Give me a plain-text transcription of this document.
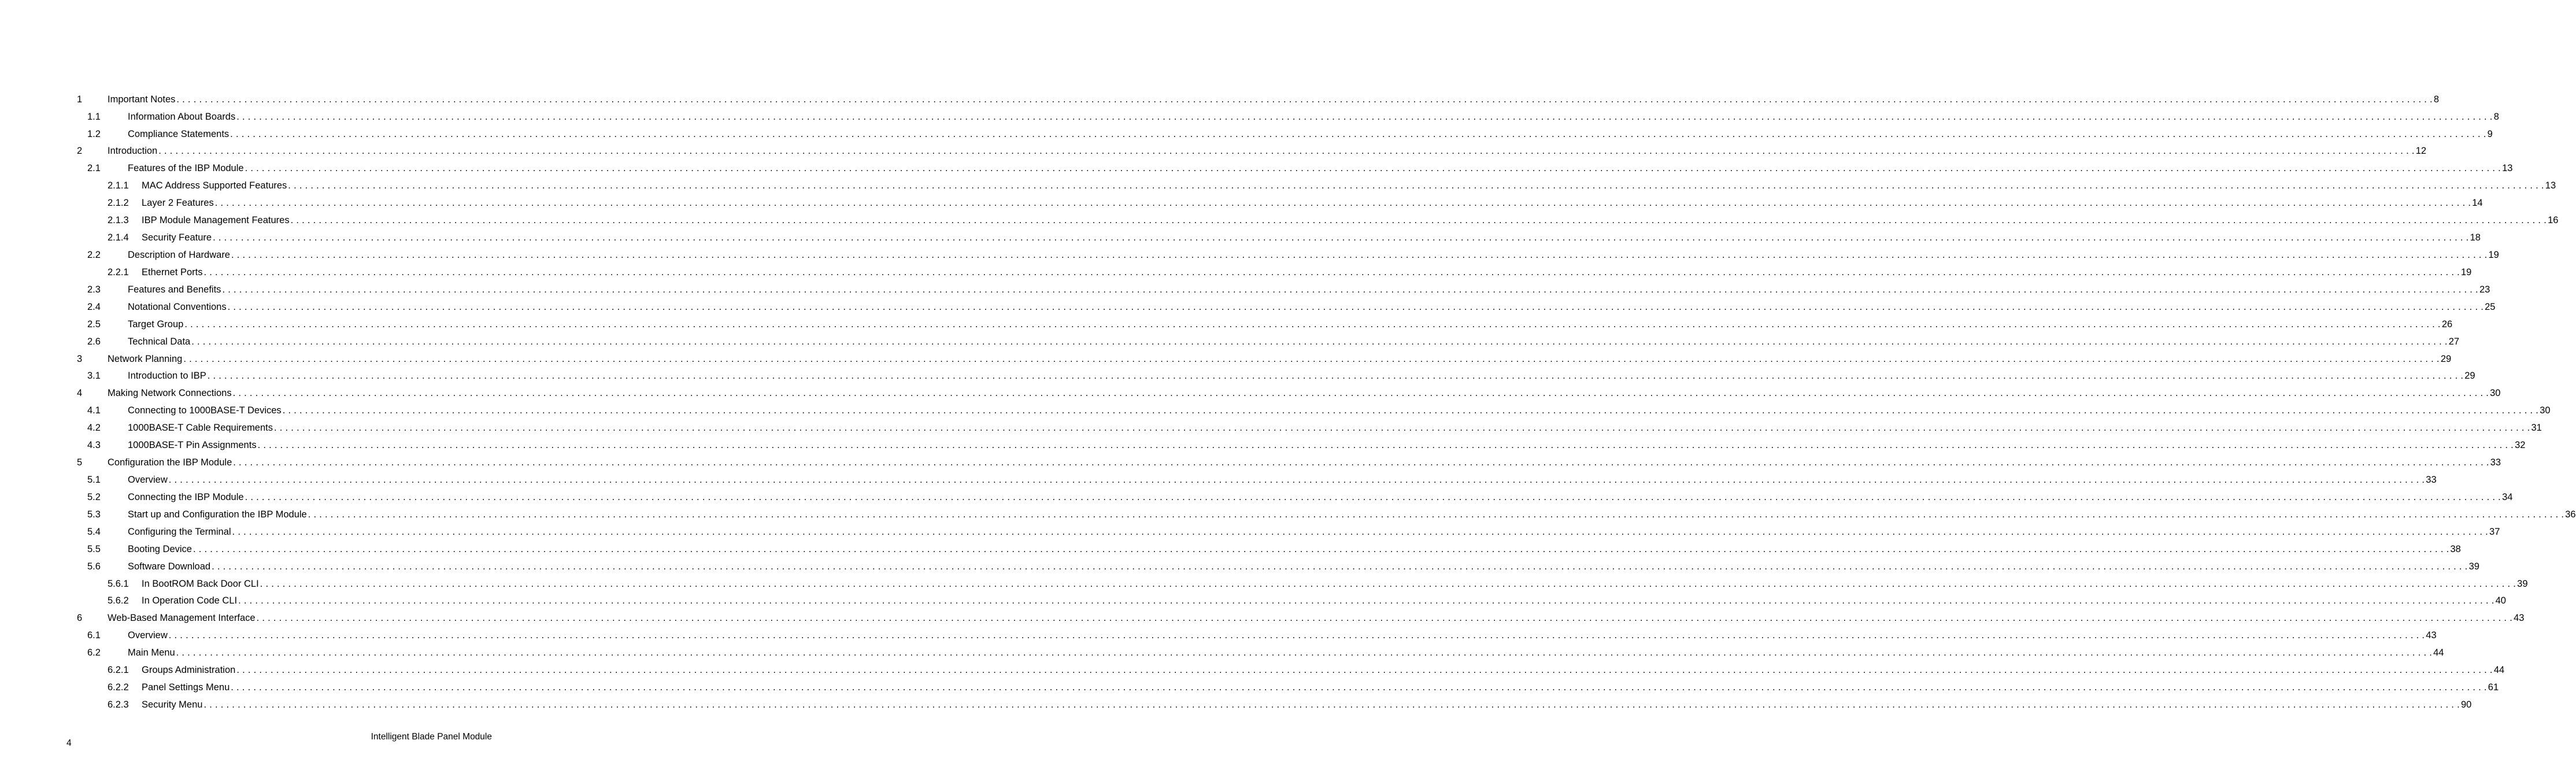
1	Important Notes . . . . . . . . . . . . . . . . . . . . . . . . . . . . . . . . . . . . . . . . . . . . . . . . . . . . . . . . . . . . . . . . . . . . . . . . . . . . . . . . . . . . . . . . . . . . . . . . . . . . . . . . . . . . . . . . . . . . . . . . . . . . . . . . . . . . . . . . . . . . . . . . . . . . . . . . . . . . . . . . . . . . . . . . . . . . . . . . . . . . . . . . . . . . . . . . . . . . . . . . . . . . . . . . . . . . . . . . . . . . . . . . . . . . . . . . . . . . . . . . . . . . . . . . . . . . . . . . . . . . . . . . . . . . . . . . . . . . . . . . . . . . . . . . . . . . . . . . . . . . . . . . . . . . . . . . . . . . . . . . . . . . . . . . . . . . . . . . . . . . . . . . . . . . . . . . . . . . . . . . . . . . . . . . . . . . . . . . . . . . . . . . . . . . . . . . . . . . . . . . 8
1.1	Information About Boards . . . . . . . . . . . . . . . . . . . . . . . . . . . . . . . . . . . . . . . . . . . . . . . . . . . . . . . . . . . . . . . . . . . . . . . . . . . . . . . . . . . . . . . . . . . . . . . . . . . . . . . . . . . . . . . . . . . . . . . . . . . . . . . . . . . . . . . . . . . . . . . . . . . . . . . . . . . . . . . . . . . . . . . . . . . . . . . . . . . . . . . . . . . . . . . . . . . . . . . . . . . . . . . . . . . . . . . . . . . . . . . . . . . . . . . . . . . . . . . . . . . . . . . . . . . . . . . . . . . . . . . . . . . . . . . . . . . . . . . . . . . . . . . . . . . . . . . . . . . . . . . . . . . . . . . . . . . . . . . . . . . . . . . . . . . . . . . . . . . . . . . . . . . . . . . . . . . . . . . . . . . . . . . . . . . . . . . . . . . . . . . . . . . . . . . . . . . . . . . . 8
1.2	Compliance Statements . . . . . . . . . . . . . . . . . . . . . . . . . . . . . . . . . . . . . . . . . . . . . . . . . . . . . . . . . . . . . . . . . . . . . . . . . . . . . . . . . . . . . . . . . . . . . . . . . . . . . . . . . . . . . . . . . . . . . . . . . . . . . . . . . . . . . . . . . . . . . . . . . . . . . . . . . . . . . . . . . . . . . . . . . . . . . . . . . . . . . . . . . . . . . . . . . . . . . . . . . . . . . . . . . . . . . . . . . . . . . . . . . . . . . . . . . . . . . . . . . . . . . . . . . . . . . . . . . . . . . . . . . . . . . . . . . . . . . . . . . . . . . . . . . . . . . . . . . . . . . . . . . . . . . . . . . . . . . . . . . . . . . . . . . . . . . . . . . . . . . . . . . . . . . . . . . . . . . . . . . . . . . . . . . . . . . . . . . . . . . . . . . . . . . . . . . . . . . . . . 9
2	Introduction . . . . . . . . . . . . . . . . . . . . . . . . . . . . . . . . . . . . . . . . . . . . . . . . . . . . . . . . . . . . . . . . . . . . . . . . . . . . . . . . . . . . . . . . . . . . . . . . . . . . . . . . . . . . . . . . . . . . . . . . . . . . . . . . . . . . . . . . . . . . . . . . . . . . . . . . . . . . . . . . . . . . . . . . . . . . . . . . . . . . . . . . . . . . . . . . . . . . . . . . . . . . . . . . . . . . . . . . . . . . . . . . . . . . . . . . . . . . . . . . . . . . . . . . . . . . . . . . . . . . . . . . . . . . . . . . . . . . . . . . . . . . . . . . . . . . . . . . . . . . . . . . . . . . . . . . . . . . . . . . . . . . . . . . . . . . . . . . . . . . . . . . . . . . . . . . . . . . . . . . . . . . . . . . . . . . . . . . . . . . . . . . . . . . . . . . . . . . . . . . 12
2.1	Features of the IBP Module . . . . . . . . . . . . . . . . . . . . . . . . . . . . . . . . . . . . . . . . . . . . . . . . . . . . . . . . . . . . . . . . . . . . . . . . . . . . . . . . . . . . . . . . . . . . . . . . . . . . . . . . . . . . . . . . . . . . . . . . . . . . . . . . . . . . . . . . . . . . . . . . . . . . . . . . . . . . . . . . . . . . . . . . . . . . . . . . . . . . . . . . . . . . . . . . . . . . . . . . . . . . . . . . . . . . . . . . . . . . . . . . . . . . . . . . . . . . . . . . . . . . . . . . . . . . . . . . . . . . . . . . . . . . . . . . . . . . . . . . . . . . . . . . . . . . . . . . . . . . . . . . . . . . . . . . . . . . . . . . . . . . . . . . . . . . . . . . . . . . . . . . . . . . . . . . . . . . . . . . . . . . . . . . . . . . . . . . . . . . . . . . . . . . . . . . . . . . . . . . 13
2.1.1 MAC Address Supported Features . . . . . . . . . . . . . . . . . . . . . . . . . . . . . . . . . . . . . . . . . . . . . . . . . . . . . . . . . . . . . . . . . . . . . . . . . . . . . . . . . . . . . . . . . . . . . . . . . . . . . . . . . . . . . . . . . . . . . . . . . . . . . . . . . . . . . . . . . . . . . . . . . . . . . . . . . . . . . . . . . . . . . . . . . . . . . . . . . . . . . . . . . . . . . . . . . . . . . . . . . . . . . . . . . . . . . . . . . . . . . . . . . . . . . . . . . . . . . . . . . . . . . . . . . . . . . . . . . . . . . . . . . . . . . . . . . . . . . . . . . . . . . . . . . . . . . . . . . . . . . . . . . . . . . . . . . . . . . . . . . . . . . . . . . . . . . . . . . . . . . . . . . . . . . . . . . . . . . . . . . . . . . . . . . . . . . . . . . . . . . . . . . . . . . . . . . . . . . . . . 13
2.1.2 Layer 2 Features . . . . . . . . . . . . . . . . . . . . . . . . . . . . . . . . . . . . . . . . . . . . . . . . . . . . . . . . . . . . . . . . . . . . . . . . . . . . . . . . . . . . . . . . . . . . . . . . . . . . . . . . . . . . . . . . . . . . . . . . . . . . . . . . . . . . . . . . . . . . . . . . . . . . . . . . . . . . . . . . . . . . . . . . . . . . . . . . . . . . . . . . . . . . . . . . . . . . . . . . . . . . . . . . . . . . . . . . . . . . . . . . . . . . . . . . . . . . . . . . . . . . . . . . . . . . . . . . . . . . . . . . . . . . . . . . . . . . . . . . . . . . . . . . . . . . . . . . . . . . . . . . . . . . . . . . . . . . . . . . . . . . . . . . . . . . . . . . . . . . . . . . . . . . . . . . . . . . . . . . . . . . . . . . . . . . . . . . . . . . . . . . . . . . . . . . . . . . . . . . 14
2.1.3 IBP Module Management Features . . . . . . . . . . . . . . . . . . . . . . . . . . . . . . . . . . . . . . . . . . . . . . . . . . . . . . . . . . . . . . . . . . . . . . . . . . . . . . . . . . . . . . . . . . . . . . . . . . . . . . . . . . . . . . . . . . . . . . . . . . . . . . . . . . . . . . . . . . . . . . . . . . . . . . . . . . . . . . . . . . . . . . . . . . . . . . . . . . . . . . . . . . . . . . . . . . . . . . . . . . . . . . . . . . . . . . . . . . . . . . . . . . . . . . . . . . . . . . . . . . . . . . . . . . . . . . . . . . . . . . . . . . . . . . . . . . . . . . . . . . . . . . . . . . . . . . . . . . . . . . . . . . . . . . . . . . . . . . . . . . . . . . . . . . . . . . . . . . . . . . . . . . . . . . . . . . . . . . . . . . . . . . . . . . . . . . . . . . . . . . . . . . . . . . . . . . . . . . . . 16
2.1.4 Security Feature . . . . . . . . . . . . . . . . . . . . . . . . . . . . . . . . . . . . . . . . . . . . . . . . . . . . . . . . . . . . . . . . . . . . . . . . . . . . . . . . . . . . . . . . . . . . . . . . . . . . . . . . . . . . . . . . . . . . . . . . . . . . . . . . . . . . . . . . . . . . . . . . . . . . . . . . . . . . . . . . . . . . . . . . . . . . . . . . . . . . . . . . . . . . . . . . . . . . . . . . . . . . . . . . . . . . . . . . . . . . . . . . . . . . . . . . . . . . . . . . . . . . . . . . . . . . . . . . . . . . . . . . . . . . . . . . . . . . . . . . . . . . . . . . . . . . . . . . . . . . . . . . . . . . . . . . . . . . . . . . . . . . . . . . . . . . . . . . . . . . . . . . . . . . . . . . . . . . . . . . . . . . . . . . . . . . . . . . . . . . . . . . . . . . . . . . . . . . . . . . 18
2.2	Description of Hardware . . . . . . . . . . . . . . . . . . . . . . . . . . . . . . . . . . . . . . . . . . . . . . . . . . . . . . . . . . . . . . . . . . . . . . . . . . . . . . . . . . . . . . . . . . . . . . . . . . . . . . . . . . . . . . . . . . . . . . . . . . . . . . . . . . . . . . . . . . . . . . . . . . . . . . . . . . . . . . . . . . . . . . . . . . . . . . . . . . . . . . . . . . . . . . . . . . . . . . . . . . . . . . . . . . . . . . . . . . . . . . . . . . . . . . . . . . . . . . . . . . . . . . . . . . . . . . . . . . . . . . . . . . . . . . . . . . . . . . . . . . . . . . . . . . . . . . . . . . . . . . . . . . . . . . . . . . . . . . . . . . . . . . . . . . . . . . . . . . . . . . . . . . . . . . . . . . . . . . . . . . . . . . . . . . . . . . . . . . . . . . . . . . . . . . . . . . . . . . . . 19
2.2.1 Ethernet Ports . . . . . . . . . . . . . . . . . . . . . . . . . . . . . . . . . . . . . . . . . . . . . . . . . . . . . . . . . . . . . . . . . . . . . . . . . . . . . . . . . . . . . . . . . . . . . . . . . . . . . . . . . . . . . . . . . . . . . . . . . . . . . . . . . . . . . . . . . . . . . . . . . . . . . . . . . . . . . . . . . . . . . . . . . . . . . . . . . . . . . . . . . . . . . . . . . . . . . . . . . . . . . . . . . . . . . . . . . . . . . . . . . . . . . . . . . . . . . . . . . . . . . . . . . . . . . . . . . . . . . . . . . . . . . . . . . . . . . . . . . . . . . . . . . . . . . . . . . . . . . . . . . . . . . . . . . . . . . . . . . . . . . . . . . . . . . . . . . . . . . . . . . . . . . . . . . . . . . . . . . . . . . . . . . . . . . . . . . . . . . . . . . . . . . . . . . . . . . . . . 19
2.3	Features and Benefits . . . . . . . . . . . . . . . . . . . . . . . . . . . . . . . . . . . . . . . . . . . . . . . . . . . . . . . . . . . . . . . . . . . . . . . . . . . . . . . . . . . . . . . . . . . . . . . . . . . . . . . . . . . . . . . . . . . . . . . . . . . . . . . . . . . . . . . . . . . . . . . . . . . . . . . . . . . . . . . . . . . . . . . . . . . . . . . . . . . . . . . . . . . . . . . . . . . . . . . . . . . . . . . . . . . . . . . . . . . . . . . . . . . . . . . . . . . . . . . . . . . . . . . . . . . . . . . . . . . . . . . . . . . . . . . . . . . . . . . . . . . . . . . . . . . . . . . . . . . . . . . . . . . . . . . . . . . . . . . . . . . . . . . . . . . . . . . . . . . . . . . . . . . . . . . . . . . . . . . . . . . . . . . . . . . . . . . . . . . . . . . . . . . . . . . . . . . . . . . . 23
2.4	Notational Conventions . . . . . . . . . . . . . . . . . . . . . . . . . . . . . . . . . . . . . . . . . . . . . . . . . . . . . . . . . . . . . . . . . . . . . . . . . . . . . . . . . . . . . . . . . . . . . . . . . . . . . . . . . . . . . . . . . . . . . . . . . . . . . . . . . . . . . . . . . . . . . . . . . . . . . . . . . . . . . . . . . . . . . . . . . . . . . . . . . . . . . . . . . . . . . . . . . . . . . . . . . . . . . . . . . . . . . . . . . . . . . . . . . . . . . . . . . . . . . . . . . . . . . . . . . . . . . . . . . . . . . . . . . . . . . . . . . . . . . . . . . . . . . . . . . . . . . . . . . . . . . . . . . . . . . . . . . . . . . . . . . . . . . . . . . . . . . . . . . . . . . . . . . . . . . . . . . . . . . . . . . . . . . . . . . . . . . . . . . . . . . . . . . . . . . . . . . . . . . . . . 25
2.5	Target Group . . . . . . . . . . . . . . . . . . . . . . . . . . . . . . . . . . . . . . . . . . . . . . . . . . . . . . . . . . . . . . . . . . . . . . . . . . . . . . . . . . . . . . . . . . . . . . . . . . . . . . . . . . . . . . . . . . . . . . . . . . . . . . . . . . . . . . . . . . . . . . . . . . . . . . . . . . . . . . . . . . . . . . . . . . . . . . . . . . . . . . . . . . . . . . . . . . . . . . . . . . . . . . . . . . . . . . . . . . . . . . . . . . . . . . . . . . . . . . . . . . . . . . . . . . . . . . . . . . . . . . . . . . . . . . . . . . . . . . . . . . . . . . . . . . . . . . . . . . . . . . . . . . . . . . . . . . . . . . . . . . . . . . . . . . . . . . . . . . . . . . . . . . . . . . . . . . . . . . . . . . . . . . . . . . . . . . . . . . . . . . . . . . . . . . . . . . . . . . . . 26
2.6	Technical Data . . . . . . . . . . . . . . . . . . . . . . . . . . . . . . . . . . . . . . . . . . . . . . . . . . . . . . . . . . . . . . . . . . . . . . . . . . . . . . . . . . . . . . . . . . . . . . . . . . . . . . . . . . . . . . . . . . . . . . . . . . . . . . . . . . . . . . . . . . . . . . . . . . . . . . . . . . . . . . . . . . . . . . . . . . . . . . . . . . . . . . . . . . . . . . . . . . . . . . . . . . . . . . . . . . . . . . . . . . . . . . . . . . . . . . . . . . . . . . . . . . . . . . . . . . . . . . . . . . . . . . . . . . . . . . . . . . . . . . . . . . . . . . . . . . . . . . . . . . . . . . . . . . . . . . . . . . . . . . . . . . . . . . . . . . . . . . . . . . . . . . . . . . . . . . . . . . . . . . . . . . . . . . . . . . . . . . . . . . . . . . . . . . . . . . . . . . . . . . . . 27
3	Network Planning . . . . . . . . . . . . . . . . . . . . . . . . . . . . . . . . . . . . . . . . . . . . . . . . . . . . . . . . . . . . . . . . . . . . . . . . . . . . . . . . . . . . . . . . . . . . . . . . . . . . . . . . . . . . . . . . . . . . . . . . . . . . . . . . . . . . . . . . . . . . . . . . . . . . . . . . . . . . . . . . . . . . . . . . . . . . . . . . . . . . . . . . . . . . . . . . . . . . . . . . . . . . . . . . . . . . . . . . . . . . . . . . . . . . . . . . . . . . . . . . . . . . . . . . . . . . . . . . . . . . . . . . . . . . . . . . . . . . . . . . . . . . . . . . . . . . . . . . . . . . . . . . . . . . . . . . . . . . . . . . . . . . . . . . . . . . . . . . . . . . . . . . . . . . . . . . . . . . . . . . . . . . . . . . . . . . . . . . . . . . . . . . . . . . . . . . . . . . . . . . 29
3.1	Introduction to IBP . . . . . . . . . . . . . . . . . . . . . . . . . . . . . . . . . . . . . . . . . . . . . . . . . . . . . . . . . . . . . . . . . . . . . . . . . . . . . . . . . . . . . . . . . . . . . . . . . . . . . . . . . . . . . . . . . . . . . . . . . . . . . . . . . . . . . . . . . . . . . . . . . . . . . . . . . . . . . . . . . . . . . . . . . . . . . . . . . . . . . . . . . . . . . . . . . . . . . . . . . . . . . . . . . . . . . . . . . . . . . . . . . . . . . . . . . . . . . . . . . . . . . . . . . . . . . . . . . . . . . . . . . . . . . . . . . . . . . . . . . . . . . . . . . . . . . . . . . . . . . . . . . . . . . . . . . . . . . . . . . . . . . . . . . . . . . . . . . . . . . . . . . . . . . . . . . . . . . . . . . . . . . . . . . . . . . . . . . . . . . . . . . . . . . . . . . . . . . . . . 29
4	Making Network Connections . . . . . . . . . . . . . . . . . . . . . . . . . . . . . . . . . . . . . . . . . . . . . . . . . . . . . . . . . . . . . . . . . . . . . . . . . . . . . . . . . . . . . . . . . . . . . . . . . . . . . . . . . . . . . . . . . . . . . . . . . . . . . . . . . . . . . . . . . . . . . . . . . . . . . . . . . . . . . . . . . . . . . . . . . . . . . . . . . . . . . . . . . . . . . . . . . . . . . . . . . . . . . . . . . . . . . . . . . . . . . . . . . . . . . . . . . . . . . . . . . . . . . . . . . . . . . . . . . . . . . . . . . . . . . . . . . . . . . . . . . . . . . . . . . . . . . . . . . . . . . . . . . . . . . . . . . . . . . . . . . . . . . . . . . . . . . . . . . . . . . . . . . . . . . . . . . . . . . . . . . . . . . . . . . . . . . . . . . . . . . . . . . . . . . . . . . . . . . . . . 30
4.1	Connecting to 1000BASE-T Devices . . . . . . . . . . . . . . . . . . . . . . . . . . . . . . . . . . . . . . . . . . . . . . . . . . . . . . . . . . . . . . . . . . . . . . . . . . . . . . . . . . . . . . . . . . . . . . . . . . . . . . . . . . . . . . . . . . . . . . . . . . . . . . . . . . . . . . . . . . . . . . . . . . . . . . . . . . . . . . . . . . . . . . . . . . . . . . . . . . . . . . . . . . . . . . . . . . . . . . . . . . . . . . . . . . . . . . . . . . . . . . . . . . . . . . . . . . . . . . . . . . . . . . . . . . . . . . . . . . . . . . . . . . . . . . . . . . . . . . . . . . . . . . . . . . . . . . . . . . . . . . . . . . . . . . . . . . . . . . . . . . . . . . . . . . . . . . . . . . . . . . . . . . . . . . . . . . . . . . . . . . . . . . . . . . . . . . . . . . . . . . . . . . . . . . . . . . . . . . . . 30
4.2	1000BASE-T Cable Requirements . . . . . . . . . . . . . . . . . . . . . . . . . . . . . . . . . . . . . . . . . . . . . . . . . . . . . . . . . . . . . . . . . . . . . . . . . . . . . . . . . . . . . . . . . . . . . . . . . . . . . . . . . . . . . . . . . . . . . . . . . . . . . . . . . . . . . . . . . . . . . . . . . . . . . . . . . . . . . . . . . . . . . . . . . . . . . . . . . . . . . . . . . . . . . . . . . . . . . . . . . . . . . . . . . . . . . . . . . . . . . . . . . . . . . . . . . . . . . . . . . . . . . . . . . . . . . . . . . . . . . . . . . . . . . . . . . . . . . . . . . . . . . . . . . . . . . . . . . . . . . . . . . . . . . . . . . . . . . . . . . . . . . . . . . . . . . . . . . . . . . . . . . . . . . . . . . . . . . . . . . . . . . . . . . . . . . . . . . . . . . . . . . . . . . . . . . . . . . . . . 31
4.3	1000BASE-T Pin Assignments . . . . . . . . . . . . . . . . . . . . . . . . . . . . . . . . . . . . . . . . . . . . . . . . . . . . . . . . . . . . . . . . . . . . . . . . . . . . . . . . . . . . . . . . . . . . . . . . . . . . . . . . . . . . . . . . . . . . . . . . . . . . . . . . . . . . . . . . . . . . . . . . . . . . . . . . . . . . . . . . . . . . . . . . . . . . . . . . . . . . . . . . . . . . . . . . . . . . . . . . . . . . . . . . . . . . . . . . . . . . . . . . . . . . . . . . . . . . . . . . . . . . . . . . . . . . . . . . . . . . . . . . . . . . . . . . . . . . . . . . . . . . . . . . . . . . . . . . . . . . . . . . . . . . . . . . . . . . . . . . . . . . . . . . . . . . . . . . . . . . . . . . . . . . . . . . . . . . . . . . . . . . . . . . . . . . . . . . . . . . . . . . . . . . . . . . . . . . . . . . 32
5	Configuration the IBP Module . . . . . . . . . . . . . . . . . . . . . . . . . . . . . . . . . . . . . . . . . . . . . . . . . . . . . . . . . . . . . . . . . . . . . . . . . . . . . . . . . . . . . . . . . . . . . . . . . . . . . . . . . . . . . . . . . . . . . . . . . . . . . . . . . . . . . . . . . . . . . . . . . . . . . . . . . . . . . . . . . . . . . . . . . . . . . . . . . . . . . . . . . . . . . . . . . . . . . . . . . . . . . . . . . . . . . . . . . . . . . . . . . . . . . . . . . . . . . . . . . . . . . . . . . . . . . . . . . . . . . . . . . . . . . . . . . . . . . . . . . . . . . . . . . . . . . . . . . . . . . . . . . . . . . . . . . . . . . . . . . . . . . . . . . . . . . . . . . . . . . . . . . . . . . . . . . . . . . . . . . . . . . . . . . . . . . . . . . . . . . . . . . . . . . . . . . . . . . . . . 33
5.1	Overview . . . . . . . . . . . . . . . . . . . . . . . . . . . . . . . . . . . . . . . . . . . . . . . . . . . . . . . . . . . . . . . . . . . . . . . . . . . . . . . . . . . . . . . . . . . . . . . . . . . . . . . . . . . . . . . . . . . . . . . . . . . . . . . . . . . . . . . . . . . . . . . . . . . . . . . . . . . . . . . . . . . . . . . . . . . . . . . . . . . . . . . . . . . . . . . . . . . . . . . . . . . . . . . . . . . . . . . . . . . . . . . . . . . . . . . . . . . . . . . . . . . . . . . . . . . . . . . . . . . . . . . . . . . . . . . . . . . . . . . . . . . . . . . . . . . . . . . . . . . . . . . . . . . . . . . . . . . . . . . . . . . . . . . . . . . . . . . . . . . . . . . . . . . . . . . . . . . . . . . . . . . . . . . . . . . . . . . . . . . . . . . . . . . . . . . . . . . . . . . . 33
5.2	Connecting the IBP Module . . . . . . . . . . . . . . . . . . . . . . . . . . . . . . . . . . . . . . . . . . . . . . . . . . . . . . . . . . . . . . . . . . . . . . . . . . . . . . . . . . . . . . . . . . . . . . . . . . . . . . . . . . . . . . . . . . . . . . . . . . . . . . . . . . . . . . . . . . . . . . . . . . . . . . . . . . . . . . . . . . . . . . . . . . . . . . . . . . . . . . . . . . . . . . . . . . . . . . . . . . . . . . . . . . . . . . . . . . . . . . . . . . . . . . . . . . . . . . . . . . . . . . . . . . . . . . . . . . . . . . . . . . . . . . . . . . . . . . . . . . . . . . . . . . . . . . . . . . . . . . . . . . . . . . . . . . . . . . . . . . . . . . . . . . . . . . . . . . . . . . . . . . . . . . . . . . . . . . . . . . . . . . . . . . . . . . . . . . . . . . . . . . . . . . . . . . . . . . . . 34
5.3	Start up and Configuration the IBP Module . . . . . . . . . . . . . . . . . . . . . . . . . . . . . . . . . . . . . . . . . . . . . . . . . . . . . . . . . . . . . . . . . . . . . . . . . . . . . . . . . . . . . . . . . . . . . . . . . . . . . . . . . . . . . . . . . . . . . . . . . . . . . . . . . . . . . . . . . . . . . . . . . . . . . . . . . . . . . . . . . . . . . . . . . . . . . . . . . . . . . . . . . . . . . . . . . . . . . . . . . . . . . . . . . . . . . . . . . . . . . . . . . . . . . . . . . . . . . . . . . . . . . . . . . . . . . . . . . . . . . . . . . . . . . . . . . . . . . . . . . . . . . . . . . . . . . . . . . . . . . . . . . . . . . . . . . . . . . . . . . . . . . . . . . . . . . . . . . . . . . . . . . . . . . . . . . . . . . . . . . . . . . . . . . . . . . . . . . . . . . . . . . . . . . . . . . . . . . . . . 36
5.4	Configuring the Terminal . . . . . . . . . . . . . . . . . . . . . . . . . . . . . . . . . . . . . . . . . . . . . . . . . . . . . . . . . . . . . . . . . . . . . . . . . . . . . . . . . . . . . . . . . . . . . . . . . . . . . . . . . . . . . . . . . . . . . . . . . . . . . . . . . . . . . . . . . . . . . . . . . . . . . . . . . . . . . . . . . . . . . . . . . . . . . . . . . . . . . . . . . . . . . . . . . . . . . . . . . . . . . . . . . . . . . . . . . . . . . . . . . . . . . . . . . . . . . . . . . . . . . . . . . . . . . . . . . . . . . . . . . . . . . . . . . . . . . . . . . . . . . . . . . . . . . . . . . . . . . . . . . . . . . . . . . . . . . . . . . . . . . . . . . . . . . . . . . . . . . . . . . . . . . . . . . . . . . . . . . . . . . . . . . . . . . . . . . . . . . . . . . . . . . . . . . . . . . . . . 37
5.5	Booting Device . . . . . . . . . . . . . . . . . . . . . . . . . . . . . . . . . . . . . . . . . . . . . . . . . . . . . . . . . . . . . . . . . . . . . . . . . . . . . . . . . . . . . . . . . . . . . . . . . . . . . . . . . . . . . . . . . . . . . . . . . . . . . . . . . . . . . . . . . . . . . . . . . . . . . . . . . . . . . . . . . . . . . . . . . . . . . . . . . . . . . . . . . . . . . . . . . . . . . . . . . . . . . . . . . . . . . . . . . . . . . . . . . . . . . . . . . . . . . . . . . . . . . . . . . . . . . . . . . . . . . . . . . . . . . . . . . . . . . . . . . . . . . . . . . . . . . . . . . . . . . . . . . . . . . . . . . . . . . . . . . . . . . . . . . . . . . . . . . . . . . . . . . . . . . . . . . . . . . . . . . . . . . . . . . . . . . . . . . . . . . . . . . . . . . . . . . . . . . . . . 38
5.6	Software Download . . . . . . . . . . . . . . . . . . . . . . . . . . . . . . . . . . . . . . . . . . . . . . . . . . . . . . . . . . . . . . . . . . . . . . . . . . . . . . . . . . . . . . . . . . . . . . . . . . . . . . . . . . . . . . . . . . . . . . . . . . . . . . . . . . . . . . . . . . . . . . . . . . . . . . . . . . . . . . . . . . . . . . . . . . . . . . . . . . . . . . . . . . . . . . . . . . . . . . . . . . . . . . . . . . . . . . . . . . . . . . . . . . . . . . . . . . . . . . . . . . . . . . . . . . . . . . . . . . . . . . . . . . . . . . . . . . . . . . . . . . . . . . . . . . . . . . . . . . . . . . . . . . . . . . . . . . . . . . . . . . . . . . . . . . . . . . . . . . . . . . . . . . . . . . . . . . . . . . . . . . . . . . . . . . . . . . . . . . . . . . . . . . . . . . . . . . . . . . . . 39
5.6.1 In BootROM Back Door CLI . . . . . . . . . . . . . . . . . . . . . . . . . . . . . . . . . . . . . . . . . . . . . . . . . . . . . . . . . . . . . . . . . . . . . . . . . . . . . . . . . . . . . . . . . . . . . . . . . . . . . . . . . . . . . . . . . . . . . . . . . . . . . . . . . . . . . . . . . . . . . . . . . . . . . . . . . . . . . . . . . . . . . . . . . . . . . . . . . . . . . . . . . . . . . . . . . . . . . . . . . . . . . . . . . . . . . . . . . . . . . . . . . . . . . . . . . . . . . . . . . . . . . . . . . . . . . . . . . . . . . . . . . . . . . . . . . . . . . . . . . . . . . . . . . . . . . . . . . . . . . . . . . . . . . . . . . . . . . . . . . . . . . . . . . . . . . . . . . . . . . . . . . . . . . . . . . . . . . . . . . . . . . . . . . . . . . . . . . . . . . . . . . . . . . . . . . . . . . . . . 39
5.6.2 In Operation Code CLI . . . . . . . . . . . . . . . . . . . . . . . . . . . . . . . . . . . . . . . . . . . . . . . . . . . . . . . . . . . . . . . . . . . . . . . . . . . . . . . . . . . . . . . . . . . . . . . . . . . . . . . . . . . . . . . . . . . . . . . . . . . . . . . . . . . . . . . . . . . . . . . . . . . . . . . . . . . . . . . . . . . . . . . . . . . . . . . . . . . . . . . . . . . . . . . . . . . . . . . . . . . . . . . . . . . . . . . . . . . . . . . . . . . . . . . . . . . . . . . . . . . . . . . . . . . . . . . . . . . . . . . . . . . . . . . . . . . . . . . . . . . . . . . . . . . . . . . . . . . . . . . . . . . . . . . . . . . . . . . . . . . . . . . . . . . . . . . . . . . . . . . . . . . . . . . . . . . . . . . . . . . . . . . . . . . . . . . . . . . . . . . . . . . . . . . . . . . . . . . . 40
6	Web-Based Management Interface . . . . . . . . . . . . . . . . . . . . . . . . . . . . . . . . . . . . . . . . . . . . . . . . . . . . . . . . . . . . . . . . . . . . . . . . . . . . . . . . . . . . . . . . . . . . . . . . . . . . . . . . . . . . . . . . . . . . . . . . . . . . . . . . . . . . . . . . . . . . . . . . . . . . . . . . . . . . . . . . . . . . . . . . . . . . . . . . . . . . . . . . . . . . . . . . . . . . . . . . . . . . . . . . . . . . . . . . . . . . . . . . . . . . . . . . . . . . . . . . . . . . . . . . . . . . . . . . . . . . . . . . . . . . . . . . . . . . . . . . . . . . . . . . . . . . . . . . . . . . . . . . . . . . . . . . . . . . . . . . . . . . . . . . . . . . . . . . . . . . . . . . . . . . . . . . . . . . . . . . . . . . . . . . . . . . . . . . . . . . . . . . . . . . . . . . . . . . . . . . 43
6.1	Overview . . . . . . . . . . . . . . . . . . . . . . . . . . . . . . . . . . . . . . . . . . . . . . . . . . . . . . . . . . . . . . . . . . . . . . . . . . . . . . . . . . . . . . . . . . . . . . . . . . . . . . . . . . . . . . . . . . . . . . . . . . . . . . . . . . . . . . . . . . . . . . . . . . . . . . . . . . . . . . . . . . . . . . . . . . . . . . . . . . . . . . . . . . . . . . . . . . . . . . . . . . . . . . . . . . . . . . . . . . . . . . . . . . . . . . . . . . . . . . . . . . . . . . . . . . . . . . . . . . . . . . . . . . . . . . . . . . . . . . . . . . . . . . . . . . . . . . . . . . . . . . . . . . . . . . . . . . . . . . . . . . . . . . . . . . . . . . . . . . . . . . . . . . . . . . . . . . . . . . . . . . . . . . . . . . . . . . . . . . . . . . . . . . . . . . . . . . . . . . . . 43
6.2	Main Menu . . . . . . . . . . . . . . . . . . . . . . . . . . . . . . . . . . . . . . . . . . . . . . . . . . . . . . . . . . . . . . . . . . . . . . . . . . . . . . . . . . . . . . . . . . . . . . . . . . . . . . . . . . . . . . . . . . . . . . . . . . . . . . . . . . . . . . . . . . . . . . . . . . . . . . . . . . . . . . . . . . . . . . . . . . . . . . . . . . . . . . . . . . . . . . . . . . . . . . . . . . . . . . . . . . . . . . . . . . . . . . . . . . . . . . . . . . . . . . . . . . . . . . . . . . . . . . . . . . . . . . . . . . . . . . . . . . . . . . . . . . . . . . . . . . . . . . . . . . . . . . . . . . . . . . . . . . . . . . . . . . . . . . . . . . . . . . . . . . . . . . . . . . . . . . . . . . . . . . . . . . . . . . . . . . . . . . . . . . . . . . . . . . . . . . . . . . . . . . . . 44
6.2.1 Groups Administration . . . . . . . . . . . . . . . . . . . . . . . . . . . . . . . . . . . . . . . . . . . . . . . . . . . . . . . . . . . . . . . . . . . . . . . . . . . . . . . . . . . . . . . . . . . . . . . . . . . . . . . . . . . . . . . . . . . . . . . . . . . . . . . . . . . . . . . . . . . . . . . . . . . . . . . . . . . . . . . . . . . . . . . . . . . . . . . . . . . . . . . . . . . . . . . . . . . . . . . . . . . . . . . . . . . . . . . . . . . . . . . . . . . . . . . . . . . . . . . . . . . . . . . . . . . . . . . . . . . . . . . . . . . . . . . . . . . . . . . . . . . . . . . . . . . . . . . . . . . . . . . . . . . . . . . . . . . . . . . . . . . . . . . . . . . . . . . . . . . . . . . . . . . . . . . . . . . . . . . . . . . . . . . . . . . . . . . . . . . . . . . . . . . . . . . . . . . . . . . . 44
6.2.2 Panel Settings Menu . . . . . . . . . . . . . . . . . . . . . . . . . . . . . . . . . . . . . . . . . . . . . . . . . . . . . . . . . . . . . . . . . . . . . . . . . . . . . . . . . . . . . . . . . . . . . . . . . . . . . . . . . . . . . . . . . . . . . . . . . . . . . . . . . . . . . . . . . . . . . . . . . . . . . . . . . . . . . . . . . . . . . . . . . . . . . . . . . . . . . . . . . . . . . . . . . . . . . . . . . . . . . . . . . . . . . . . . . . . . . . . . . . . . . . . . . . . . . . . . . . . . . . . . . . . . . . . . . . . . . . . . . . . . . . . . . . . . . . . . . . . . . . . . . . . . . . . . . . . . . . . . . . . . . . . . . . . . . . . . . . . . . . . . . . . . . . . . . . . . . . . . . . . . . . . . . . . . . . . . . . . . . . . . . . . . . . . . . . . . . . . . . . . . . . . . . . . . . . . . 61
6.2.3 Security Menu . . . . . . . . . . . . . . . . . . . . . . . . . . . . . . . . . . . . . . . . . . . . . . . . . . . . . . . . . . . . . . . . . . . . . . . . . . . . . . . . . . . . . . . . . . . . . . . . . . . . . . . . . . . . . . . . . . . . . . . . . . . . . . . . . . . . . . . . . . . . . . . . . . . . . . . . . . . . . . . . . . . . . . . . . . . . . . . . . . . . . . . . . . . . . . . . . . . . . . . . . . . . . . . . . . . . . . . . . . . . . . . . . . . . . . . . . . . . . . . . . . . . . . . . . . . . . . . . . . . . . . . . . . . . . . . . . . . . . . . . . . . . . . . . . . . . . . . . . . . . . . . . . . . . . . . . . . . . . . . . . . . . . . . . . . . . . . . . . . . . . . . . . . . . . . . . . . . . . . . . . . . . . . . . . . . . . . . . . . . . . . . . . . . . . . . . . . . . . . . . 90
Intelligent Blade Panel Module
4
